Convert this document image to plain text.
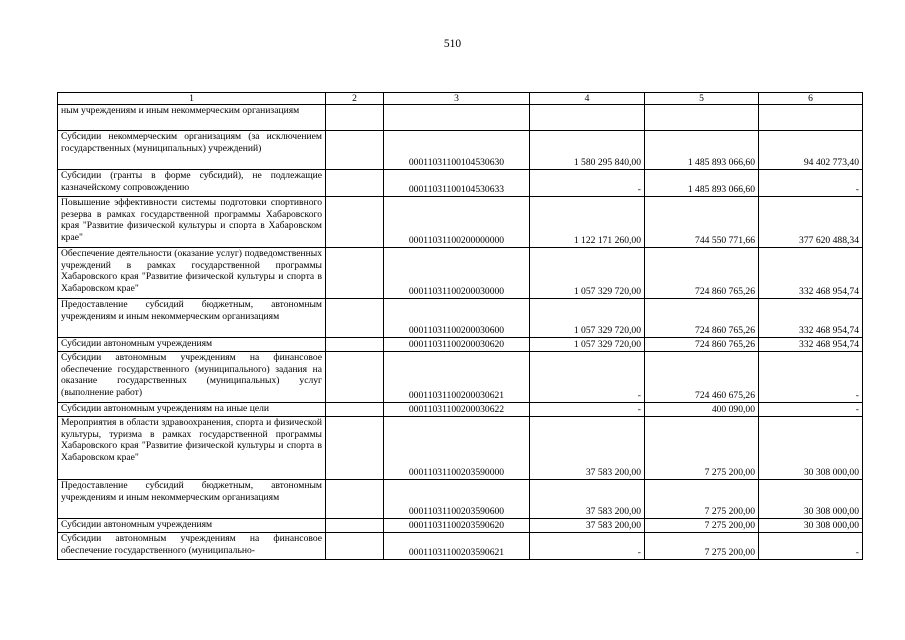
510
1	2	3	4	5	6
ным учреждениям и иным некоммерческим организациям					
Субсидии некоммерческим организациям (за исключением государственных (муниципальных) учреждений)		00011031100104530630	1 580 295 840,00	1 485 893 066,60	94 402 773,40
Субсидии (гранты в форме субсидий), не подлежащие казначейскому сопровождению		00011031100104530633	-	1 485 893 066,60	-
Повышение эффективности системы подготовки спортивного резерва в рамках государственной программы Хабаровского края "Развитие физической культуры и спорта в Хабаровском крае"		00011031100200000000	1 122 171 260,00	744 550 771,66	377 620 488,34
Обеспечение деятельности (оказание услуг) подведомственных учреждений в рамках государственной программы Хабаровского края "Развитие физической культуры и спорта в Хабаровском крае"		00011031100200030000	1 057 329 720,00	724 860 765,26	332 468 954,74
Предоставление субсидий бюджетным, автономным учреждениям и иным некоммерческим организациям		00011031100200030600	1 057 329 720,00	724 860 765,26	332 468 954,74
Субсидии автономным учреждениям		00011031100200030620	1 057 329 720,00	724 860 765,26	332 468 954,74
Субсидии автономным учреждениям на финансовое обеспечение государственного (муниципального) задания на оказание государственных (муниципальных) услуг (выполнение работ)		00011031100200030621	-	724 460 675,26	-
Субсидии автономным учреждениям на иные цели		00011031100200030622	-	400 090,00	-
Мероприятия в области здравоохранения, спорта и физической культуры, туризма в рамках государственной программы Хабаровского края "Развитие физической культуры и спорта в Хабаровском крае"		00011031100203590000	37 583 200,00	7 275 200,00	30 308 000,00
Предоставление субсидий бюджетным, автономным учреждениям и иным некоммерческим организациям		00011031100203590600	37 583 200,00	7 275 200,00	30 308 000,00
Субсидии автономным учреждениям		00011031100203590620	37 583 200,00	7 275 200,00	30 308 000,00
Субсидии автономным учреждениям на финансовое обеспечение государственного (муниципально-		00011031100203590621	-	7 275 200,00	-
